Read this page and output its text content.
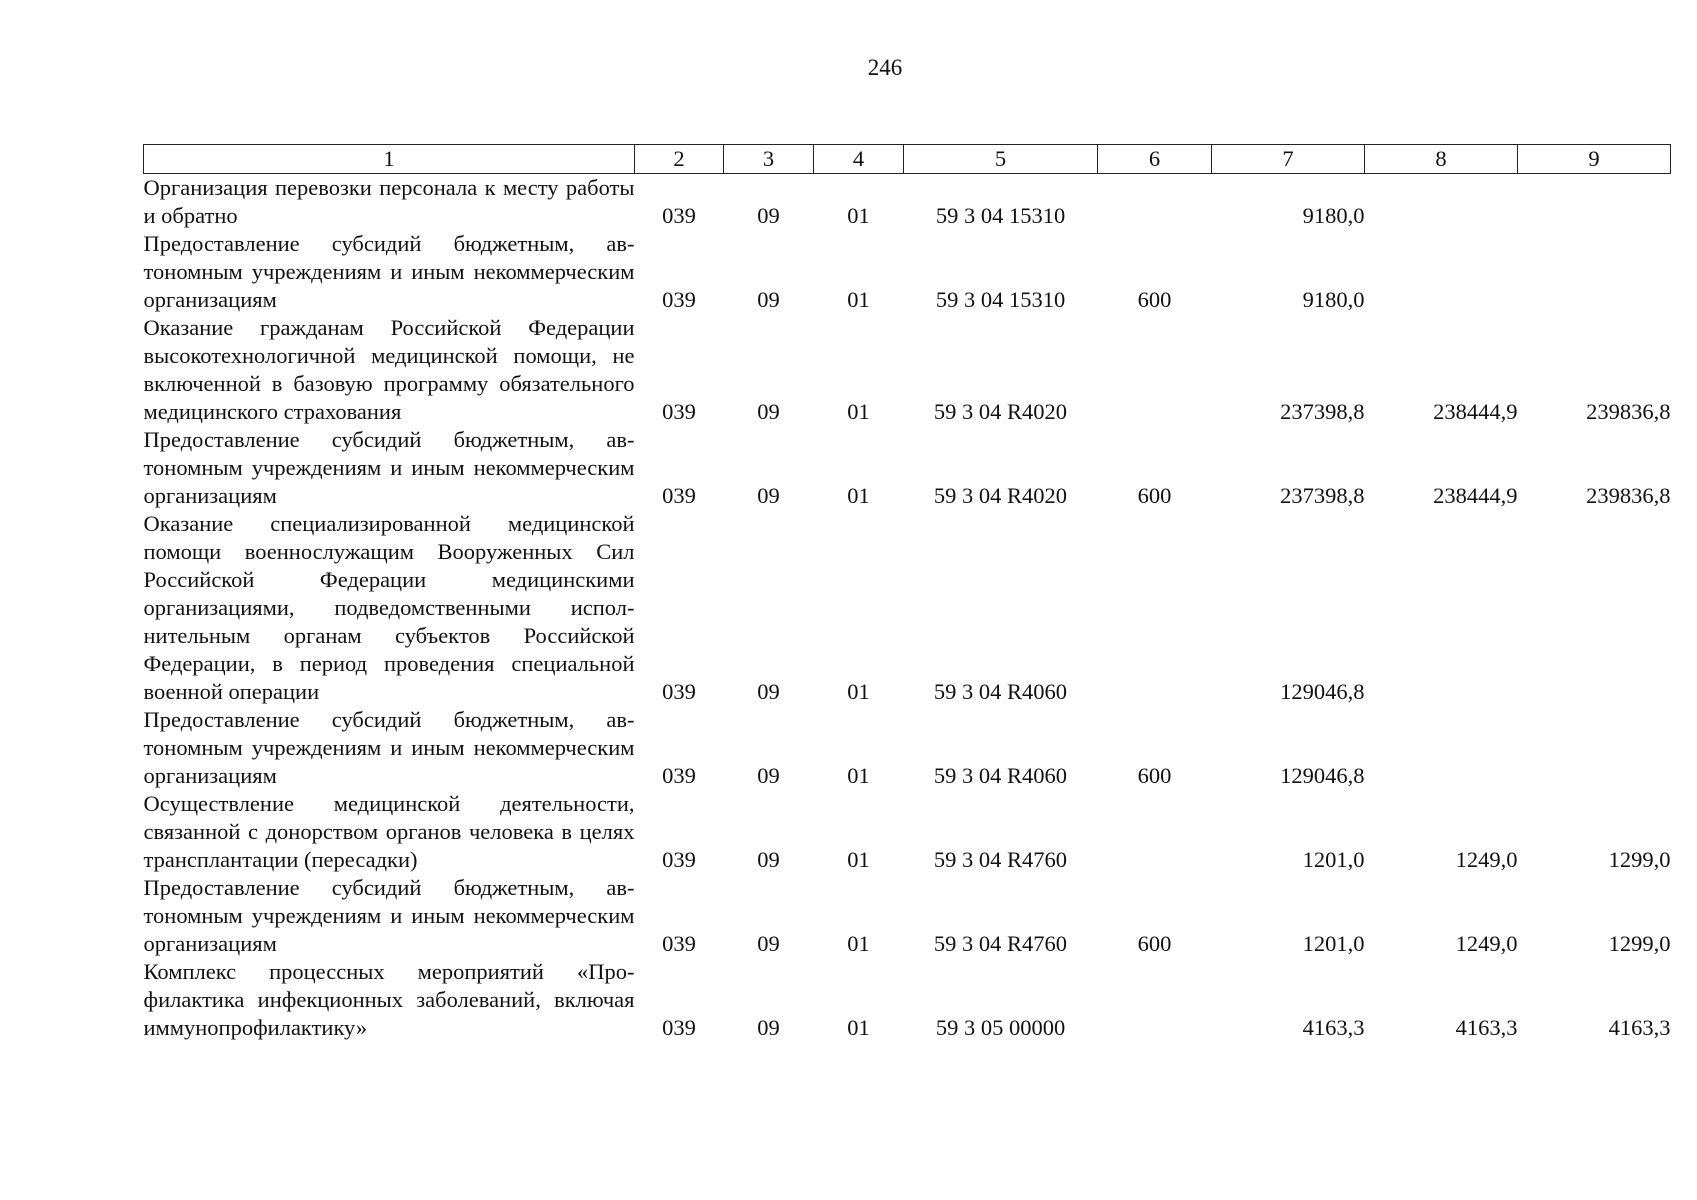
246
1	2	3	4	5	6	7	8	9
Организация перевозки персонала к месту работы и обратно	039	09	01	59 3 04 15310		9180,0		
Предоставление субсидий бюджетным, автономным учреждениям и иным некоммерческим организациям	039	09	01	59 3 04 15310	600	9180,0		
Оказание гражданам Российской Федерации высокотехнологичной медицинской помощи, не включенной в базовую программу обязательного медицинского страхования	039	09	01	59 3 04 R4020		237398,8	238444,9	239836,8
Предоставление субсидий бюджетным, автономным учреждениям и иным некоммерческим организациям	039	09	01	59 3 04 R4020	600	237398,8	238444,9	239836,8
Оказание специализированной медицинской помощи военнослужащим Вооруженных Сил Российской Федерации медицинскими организациями, подведомственными исполнительным органам субъектов Российской Федерации, в период проведения специальной военной операции	039	09	01	59 3 04 R4060		129046,8		
Предоставление субсидий бюджетным, автономным учреждениям и иным некоммерческим организациям	039	09	01	59 3 04 R4060	600	129046,8		
Осуществление медицинской деятельности, связанной с донорством органов человека в целях трансплантации (пересадки)	039	09	01	59 3 04 R4760		1201,0	1249,0	1299,0
Предоставление субсидий бюджетным, автономным учреждениям и иным некоммерческим организациям	039	09	01	59 3 04 R4760	600	1201,0	1249,0	1299,0
Комплекс процессных мероприятий «Профилактика инфекционных заболеваний, включая иммунопрофилактику»	039	09	01	59 3 05 00000		4163,3	4163,3	4163,3
